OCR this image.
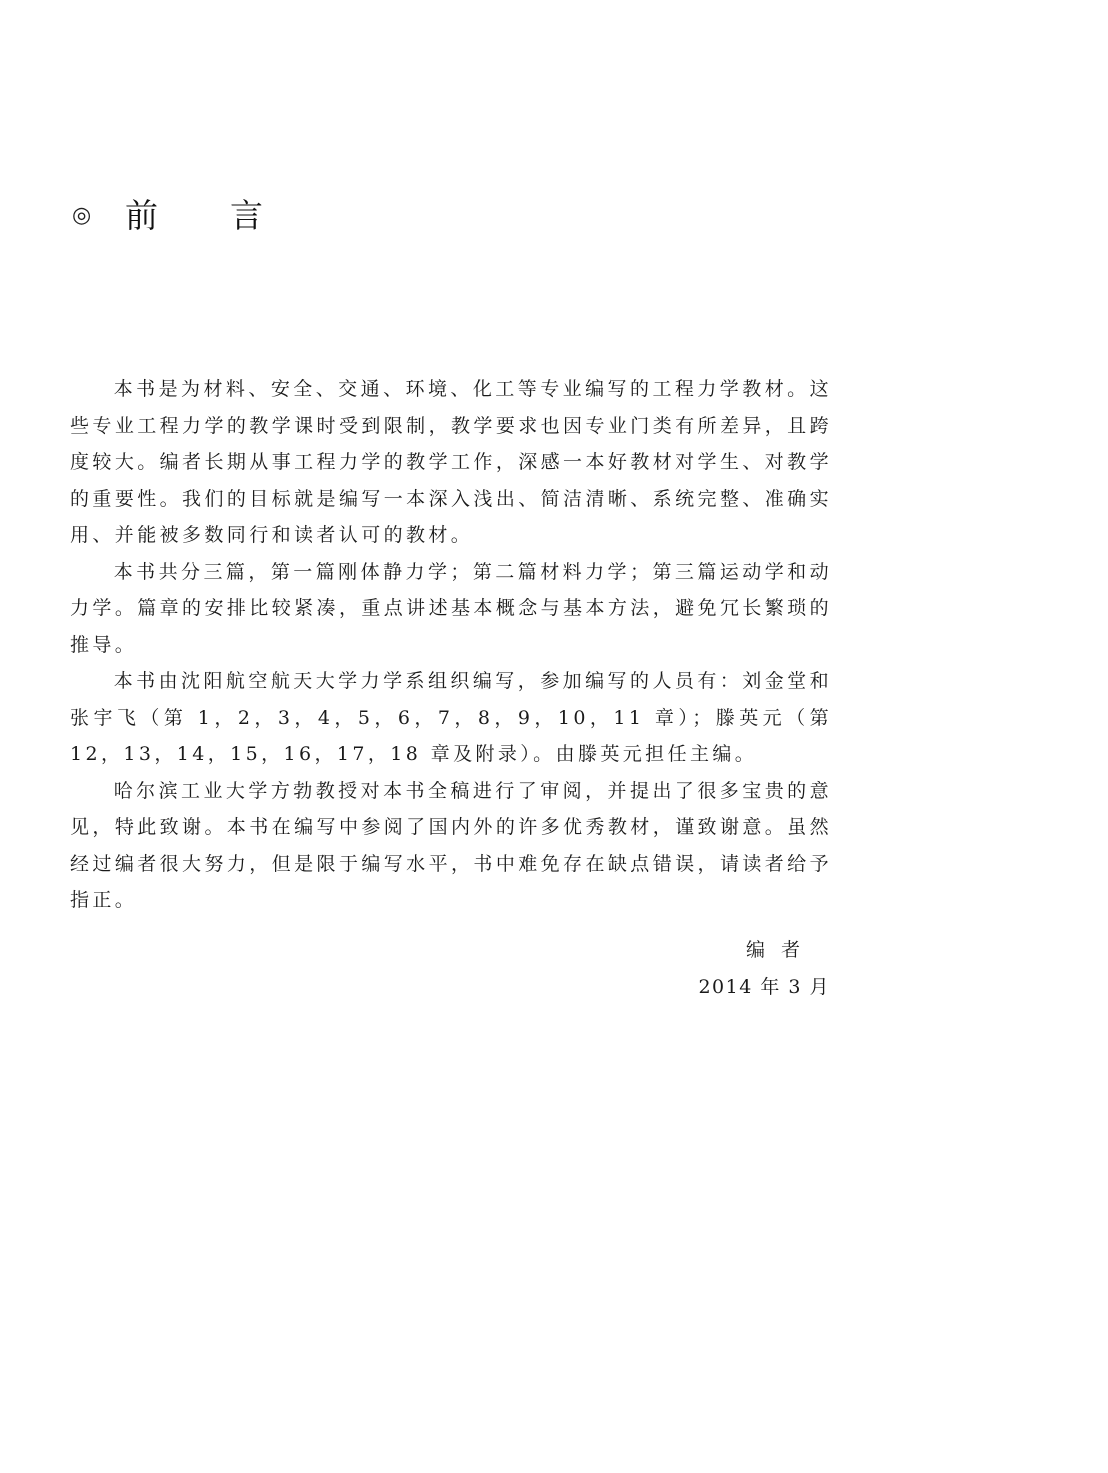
◎	前言

本书是为材料、安全、交通、环境、化工等专业编写的工程力学教材。这些专业工程力学的教学课时受到限制，教学要求也因专业门类有所差异，且跨度较大。编者长期从事工程力学的教学工作，深感一本好教材对学生、对教学的重要性。我们的目标就是编写一本深入浅出、简洁清晰、系统完整、准确实用、并能被多数同行和读者认可的教材。

本书共分三篇，第一篇刚体静力学；第二篇材料力学；第三篇运动学和动力学。篇章的安排比较紧凑，重点讲述基本概念与基本方法，避免冗长繁琐的推导。

本书由沈阳航空航天大学力学系组织编写，参加编写的人员有：刘金堂和张宇飞（第 1，2，3，4，5，6，7，8，9，10，11 章）；滕英元（第 12，13，14，15，16，17，18 章及附录）。由滕英元担任主编。

哈尔滨工业大学方勃教授对本书全稿进行了审阅，并提出了很多宝贵的意见，特此致谢。本书在编写中参阅了国内外的许多优秀教材，谨致谢意。虽然经过编者很大努力，但是限于编写水平，书中难免存在缺点错误，请读者给予指正。

编者
2014 年 3 月
